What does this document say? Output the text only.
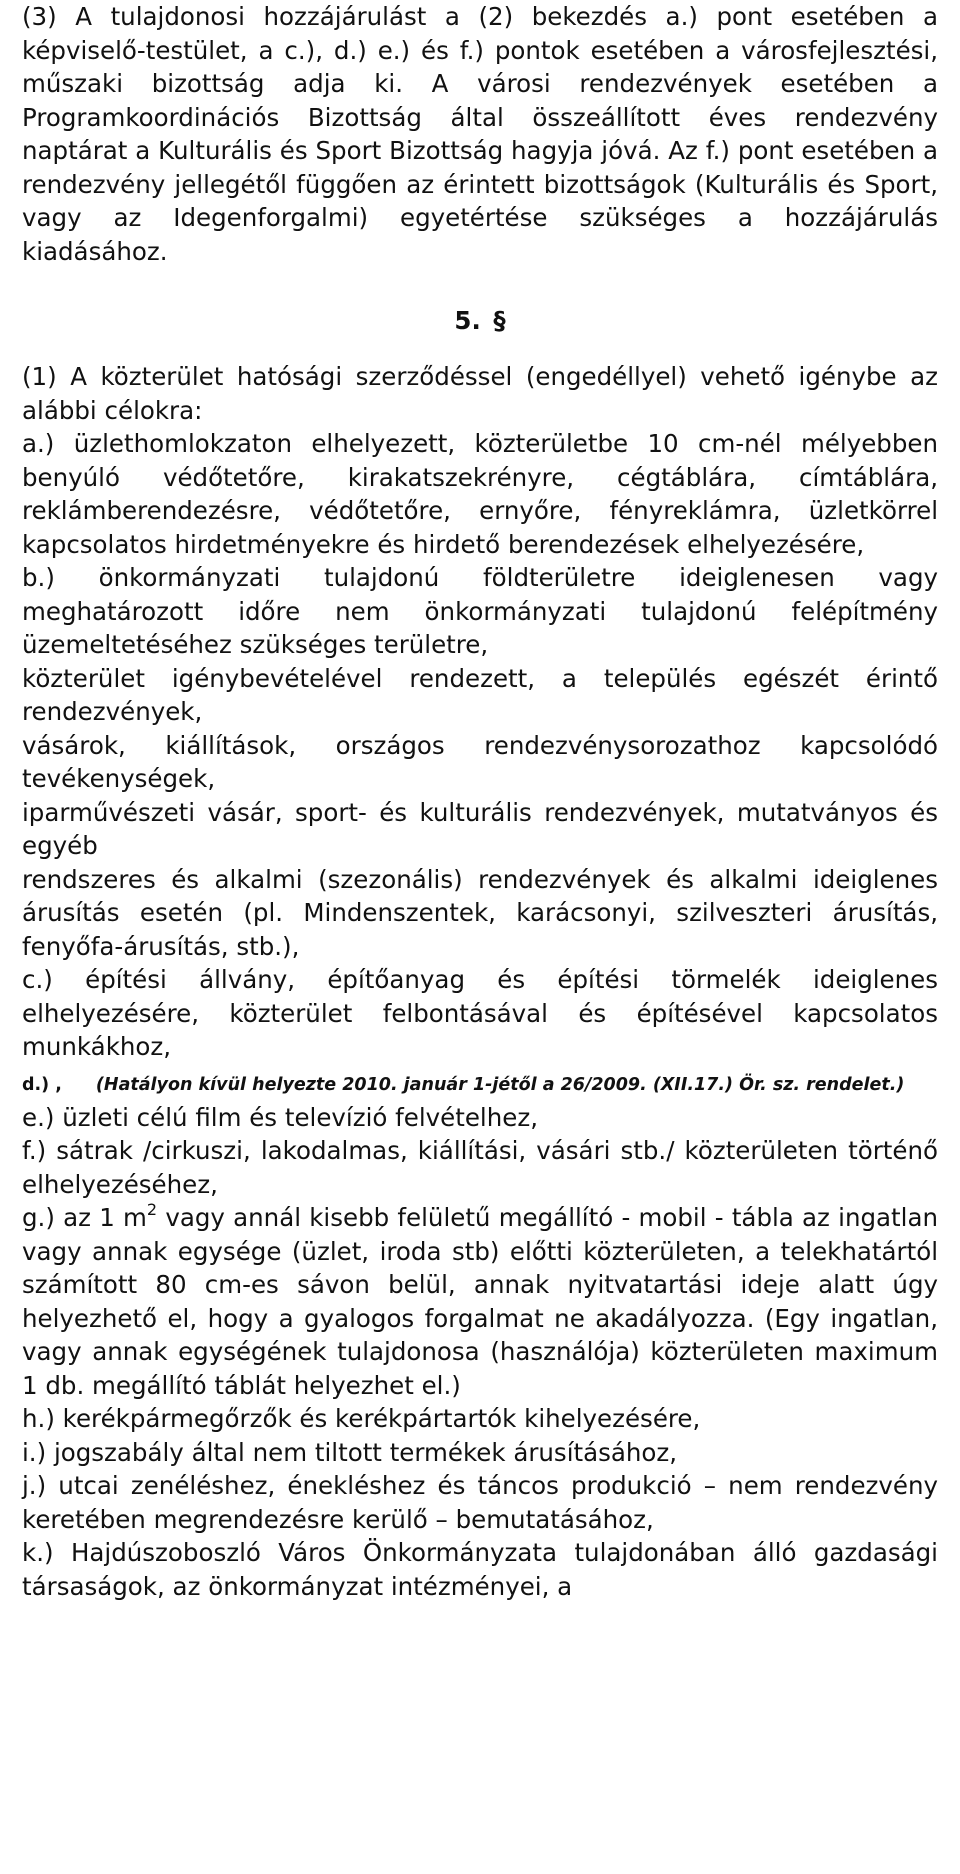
(3) A tulajdonosi hozzájárulást a (2) bekezdés a.) pont esetében a képviselő-testület, a c.), d.) e.) és f.) pontok esetében a városfejlesztési, műszaki bizottság adja ki. A városi rendezvények esetében a Programkoordinációs Bizottság által összeállított éves rendezvény naptárat a Kulturális és Sport Bizottság hagyja jóvá. Az f.) pont esetében a rendezvény jellegétől függően az érintett bizottságok (Kulturális és Sport, vagy az Idegenforgalmi) egyetértése szükséges a hozzájárulás kiadásához.

5. §

(1) A közterület hatósági szerződéssel (engedéllyel) vehető igénybe az alábbi célokra:

a.) üzlethomlokzaton elhelyezett, közterületbe 10 cm-nél mélyebben benyúló védőtetőre, kirakatszekrényre, cégtáblára, címtáblára, reklámberendezésre, védőtetőre, ernyőre, fényreklámra, üzletkörrel kapcsolatos hirdetményekre és hirdető berendezések elhelyezésére,

b.) önkormányzati tulajdonú földterületre ideiglenesen vagy meghatározott időre nem önkormányzati tulajdonú felépítmény üzemeltetéséhez szükséges területre,

közterület igénybevételével rendezett, a település egészét érintő rendezvények,

vásárok, kiállítások, országos rendezvénysorozathoz kapcsolódó tevékenységek,

iparművészeti vásár, sport- és kulturális rendezvények, mutatványos és egyéb

rendszeres és alkalmi (szezonális) rendezvények és alkalmi ideiglenes árusítás esetén (pl. Mindenszentek, karácsonyi, szilveszteri árusítás, fenyőfa-árusítás, stb.),

c.) építési állvány, építőanyag és építési törmelék ideiglenes elhelyezésére, közterület felbontásával és építésével kapcsolatos munkákhoz,

d.) , (Hatályon kívül helyezte 2010. január 1-jétől a 26/2009. (XII.17.) Ör. sz. rendelet.)

e.) üzleti célú film és televízió felvételhez,

f.) sátrak /cirkuszi, lakodalmas, kiállítási, vásári stb./ közterületen történő elhelyezéséhez,

g.) az 1 $m^2$ vagy annál kisebb felületű megállító - mobil - tábla az ingatlan vagy annak egysége (üzlet, iroda stb) előtti közterületen, a telekhatártól számított 80 cm-es sávon belül, annak nyitvatartási ideje alatt úgy helyezhető el, hogy a gyalogos forgalmat ne akadályozza. (Egy ingatlan, vagy annak egységének tulajdonosa (használója) közterületen maximum 1 db. megállító táblát helyezhet el.)

h.) kerékpármegőrzők és kerékpártartók kihelyezésére,

i.) jogszabály által nem tiltott termékek árusításához,

j.) utcai zenéléshez, énekléshez és táncos produkció – nem rendezvény keretében megrendezésre kerülő – bemutatásához,

k.) Hajdúszoboszló Város Önkormányzata tulajdonában álló gazdasági társaságok, az önkormányzat intézményei, a
